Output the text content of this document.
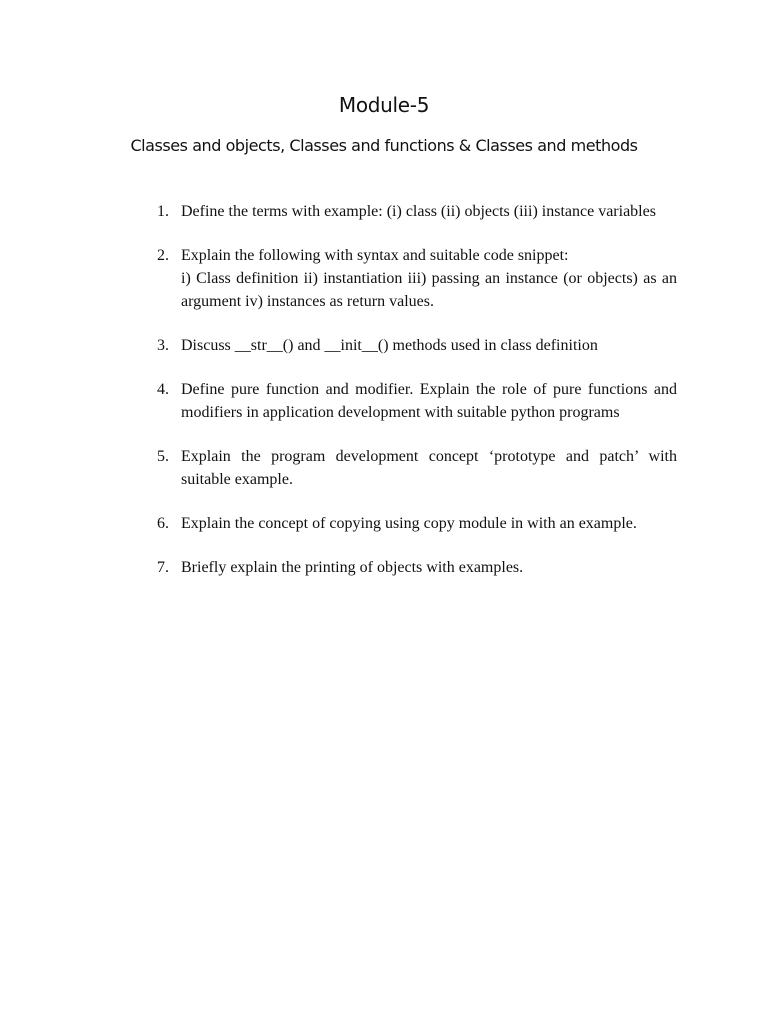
Module-5
Classes and objects, Classes and functions & Classes and methods
1. Define the terms with example: (i) class (ii) objects (iii) instance variables
2. Explain the following with syntax and suitable code snippet:
i) Class definition ii) instantiation iii) passing an instance (or objects) as an argument iv) instances as return values.
3. Discuss __str__() and __init__() methods used in class definition
4. Define pure function and modifier. Explain the role of pure functions and modifiers in application development with suitable python programs
5. Explain the program development concept ‘prototype and patch’ with suitable example.
6. Explain the concept of copying using copy module in with an example.
7. Briefly explain the printing of objects with examples.
